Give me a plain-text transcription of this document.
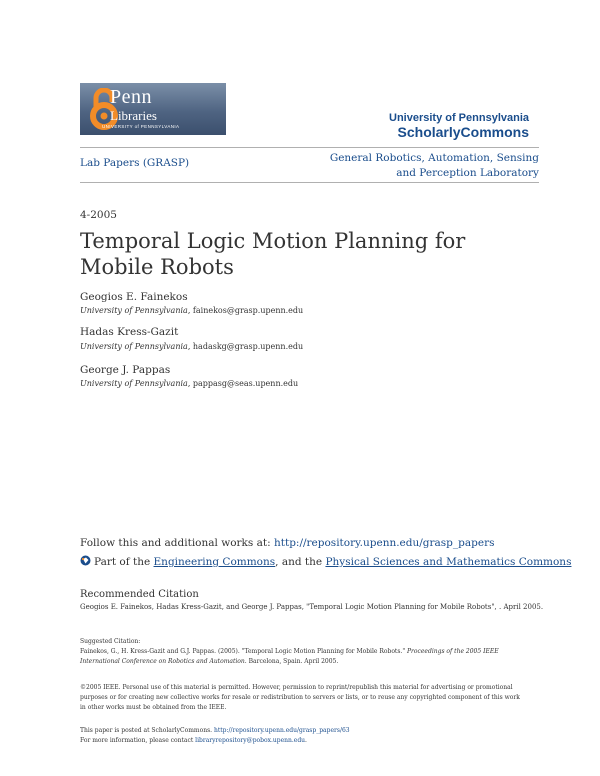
Penn
Libraries
UNIVERSITY of PENNSYLVANIA
University of Pennsylvania
ScholarlyCommons
Lab Papers (GRASP)	General Robotics, Automation, Sensing and Perception Laboratory
4-2005
Temporal Logic Motion Planning for Mobile Robots
Geogios E. Fainekos
University of Pennsylvania, fainekos@grasp.upenn.edu
Hadas Kress-Gazit
University of Pennsylvania, hadaskg@grasp.upenn.edu
George J. Pappas
University of Pennsylvania, pappasg@seas.upenn.edu
Follow this and additional works at: http://repository.upenn.edu/grasp_papers
Part of the Engineering Commons, and the Physical Sciences and Mathematics Commons
Recommended Citation
Geogios E. Fainekos, Hadas Kress-Gazit, and George J. Pappas, "Temporal Logic Motion Planning for Mobile Robots", . April 2005.
Suggested Citation:
Fainekos, G., H. Kress-Gazit and G.J. Pappas. (2005). "Temporal Logic Motion Planning for Mobile Robots." Proceedings of the 2005 IEEE International Conference on Robotics and Automation. Barcelona, Spain. April 2005.
©2005 IEEE. Personal use of this material is permitted. However, permission to reprint/republish this material for advertising or promotional purposes or for creating new collective works for resale or redistribution to servers or lists, or to reuse any copyrighted component of this work in other works must be obtained from the IEEE.
This paper is posted at ScholarlyCommons. http://repository.upenn.edu/grasp_papers/63
For more information, please contact libraryrepository@pobox.upenn.edu.
